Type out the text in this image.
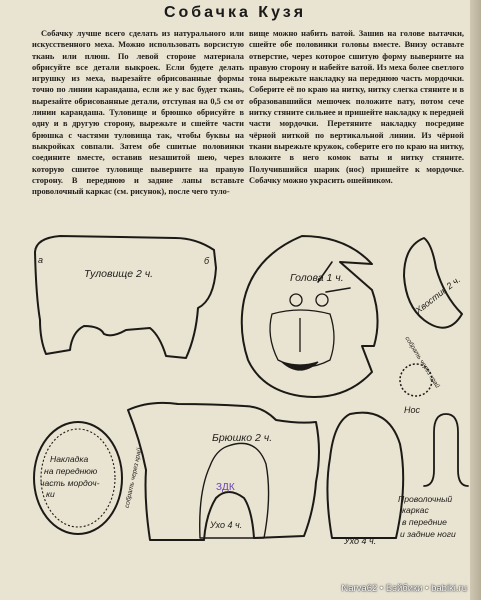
Собачка Кузя

Собачку лучше всего сделать из натурального или искусственного меха. Можно использовать ворсистую ткань или плюш. По левой стороне материала обрисуйте все детали выкроек. Если будете делать игрушку из меха, вырезайте обрисованные формы точно по линии карандаша, если же у вас будет ткань, вырезайте обрисованные детали, отступая на 0,5 см от линии карандаша. Туловище и брюшко обрисуйте в одну и в другую сторону, вырежьте и сшейте части брюшка с частями туловища так, чтобы буквы на выкройках совпали. Затем обе сшитые половинки соедините вместе, оставив незашитой шею, через которую сшитое туловище выверните на правую сторону. В переднюю и задние лапы вставьте проволочный каркас (см. рисунок), после чего туло-

вище можно набить ватой. Зашив на голове вытачки, сшейте обе половинки головы вместе. Внизу оставьте отверстие, через которое сшитую форму выверните на правую сторону и набейте ватой. Из меха более светлого тона вырежьте накладку на переднюю часть мордочки. Соберите её по краю на нитку, нитку слегка стяните и в образовавшийся мешочек положите вату, потом сече нитку стяните сильнее и пришейте накладку к передней части мордочки. Перетяните накладку посредине чёрной ниткой по вертикальной линии. Из чёрной ткани вырежьте кружок, соберите его по краю на нитку, вложите в него комок ваты и нитку стяните. Получившийся шарик (нос) пришейте к мордочке. Собачку можно украсить ошейником.

а	б
Туловище 2 ч.	Голова 1 ч.	Хвостик 2 ч.
собрать через край
Нос
Накладка
на переднюю
часть мордоч-
ки	собрать через край
Брюшко 2 ч.
ЗДК
Ухо 4 ч.
Ухо 4 ч.
Проволочный
каркас
в передние
и задние ноги
Narva62 • Бэйбики • babiki.ru
